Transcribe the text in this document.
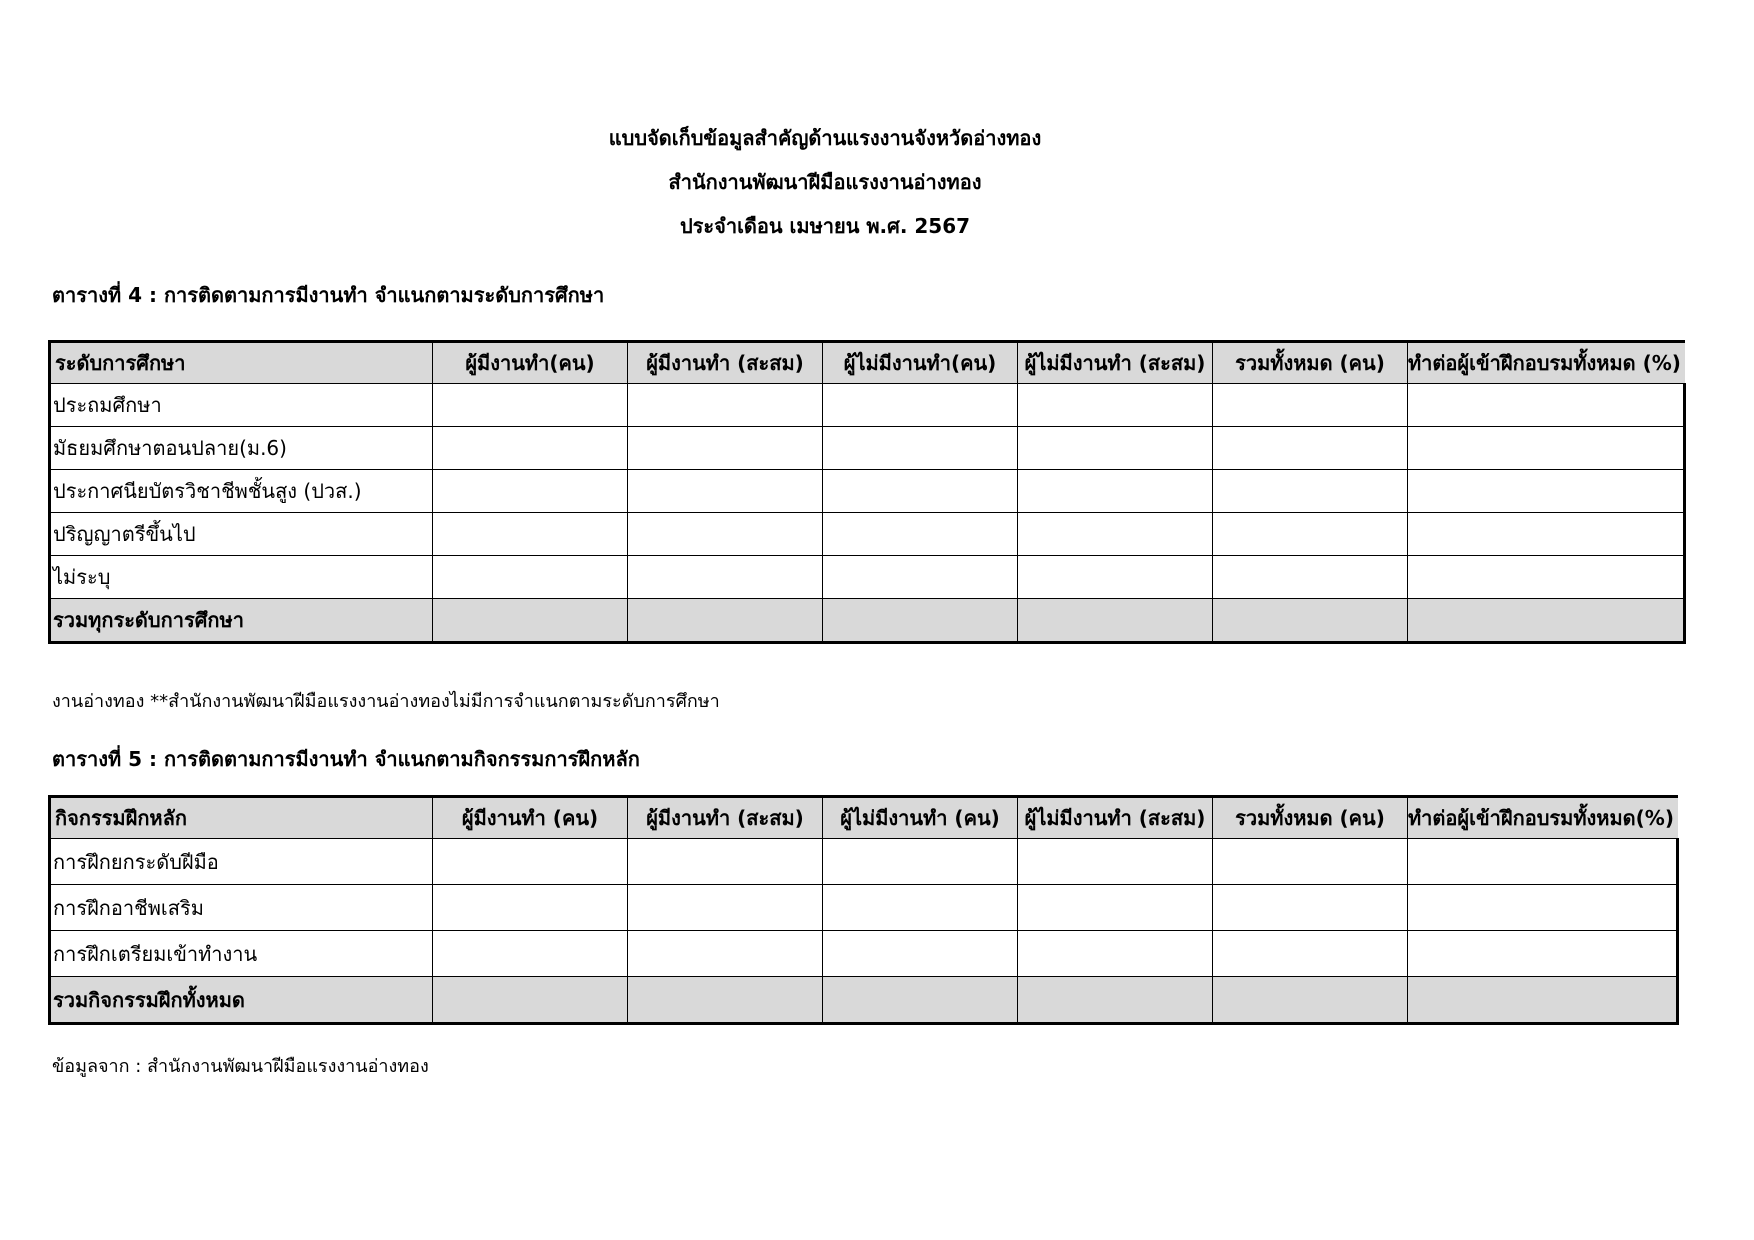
แบบจัดเก็บข้อมูลสำคัญด้านแรงงานจังหวัดอ่างทอง
สำนักงานพัฒนาฝีมือแรงงานอ่างทอง
ประจำเดือน เมษายน พ.ศ. 2567
ตารางที่ 4 : การติดตามการมีงานทำ จำแนกตามระดับการศึกษา
ระดับการศึกษา	ผู้มีงานทำ(คน)	ผู้มีงานทำ (สะสม)	ผู้ไม่มีงานทำ(คน)	ผู้ไม่มีงานทำ (สะสม)	รวมทั้งหมด (คน)	ทำต่อผู้เข้าฝึกอบรมทั้งหมด (%)
ประถมศึกษา						
มัธยมศึกษาตอนปลาย(ม.6)						
ประกาศนียบัตรวิชาชีพชั้นสูง (ปวส.)						
ปริญญาตรีขึ้นไป						
ไม่ระบุ						
รวมทุกระดับการศึกษา						
งานอ่างทอง **สำนักงานพัฒนาฝีมือแรงงานอ่างทองไม่มีการจำแนกตามระดับการศึกษา
ตารางที่ 5 : การติดตามการมีงานทำ จำแนกตามกิจกรรมการฝึกหลัก
กิจกรรมฝึกหลัก	ผู้มีงานทำ (คน)	ผู้มีงานทำ (สะสม)	ผู้ไม่มีงานทำ (คน)	ผู้ไม่มีงานทำ (สะสม)	รวมทั้งหมด (คน)	ทำต่อผู้เข้าฝึกอบรมทั้งหมด(%)
การฝึกยกระดับฝีมือ						
การฝึกอาชีพเสริม						
การฝึกเตรียมเข้าทำงาน						
รวมกิจกรรมฝึกทั้งหมด						
ข้อมูลจาก : สำนักงานพัฒนาฝีมือแรงงานอ่างทอง
